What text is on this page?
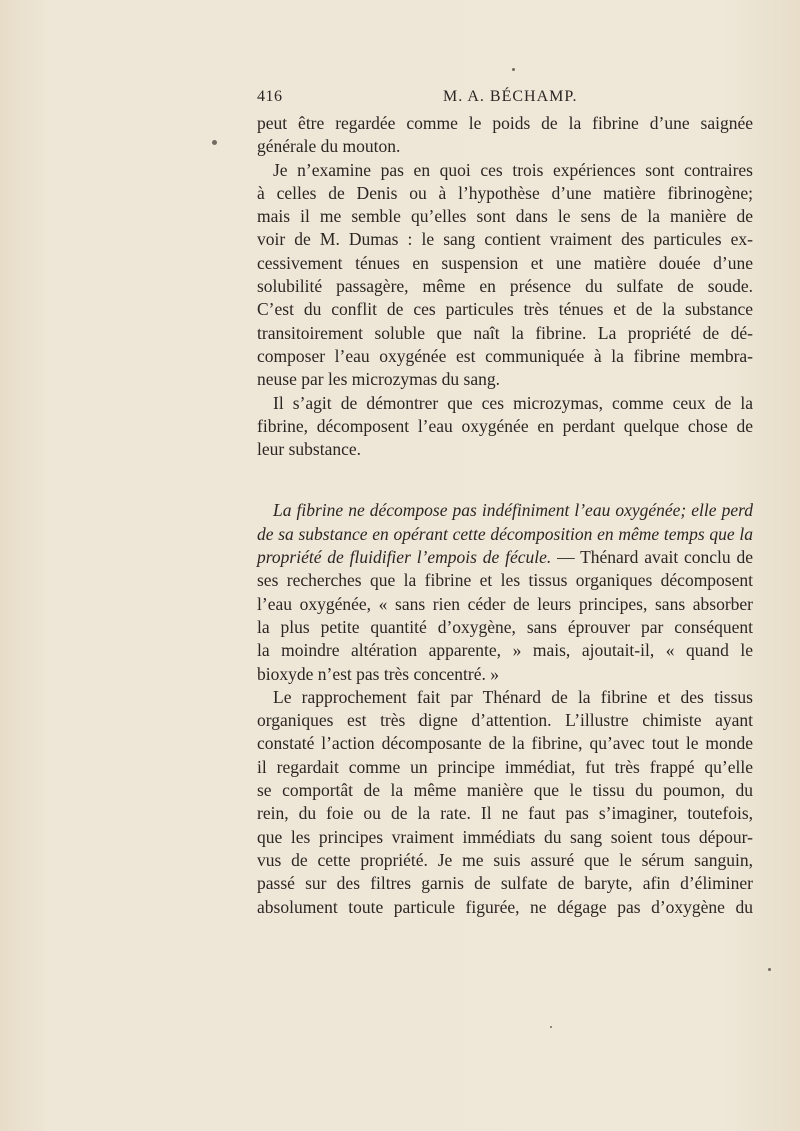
416	M. A. BÉCHAMP.
peut être regardée comme le poids de la fibrine d’une saignée
générale du mouton.
Je n’examine pas en quoi ces trois expériences sont contraires
à celles de Denis ou à l’hypothèse d’une matière fibrinogène;
mais il me semble qu’elles sont dans le sens de la manière de
voir de M. Dumas : le sang contient vraiment des particules ex-
cessivement ténues en suspension et une matière douée d’une
solubilité passagère, même en présence du sulfate de soude.
C’est du conflit de ces particules très ténues et de la substance
transitoirement soluble que naît la fibrine. La propriété de dé-
composer l’eau oxygénée est communiquée à la fibrine membra-
neuse par les microzymas du sang.
Il s’agit de démontrer que ces microzymas, comme ceux de la
fibrine, décomposent l’eau oxygénée en perdant quelque chose de
leur substance.
La fibrine ne décompose pas indéfiniment l’eau oxygénée; elle perd
de sa substance en opérant cette décomposition en même temps que la
propriété de fluidifier l’empois de fécule. — Thénard avait conclu de
ses recherches que la fibrine et les tissus organiques décomposent
l’eau oxygénée, « sans rien céder de leurs principes, sans absorber
la plus petite quantité d’oxygène, sans éprouver par conséquent
la moindre altération apparente, » mais, ajoutait-il, « quand le
bioxyde n’est pas très concentré. »
Le rapprochement fait par Thénard de la fibrine et des tissus
organiques est très digne d’attention. L’illustre chimiste ayant
constaté l’action décomposante de la fibrine, qu’avec tout le monde
il regardait comme un principe immédiat, fut très frappé qu’elle
se comportât de la même manière que le tissu du poumon, du
rein, du foie ou de la rate. Il ne faut pas s’imaginer, toutefois,
que les principes vraiment immédiats du sang soient tous dépour-
vus de cette propriété. Je me suis assuré que le sérum sanguin,
passé sur des filtres garnis de sulfate de baryte, afin d’éliminer
absolument toute particule figurée, ne dégage pas d’oxygène du
